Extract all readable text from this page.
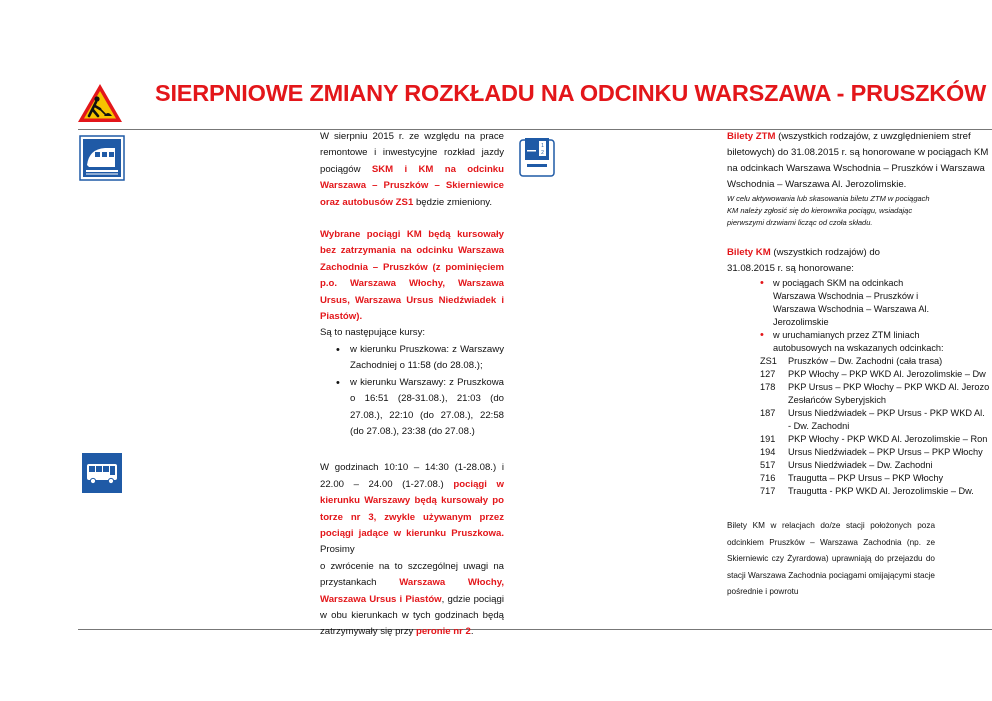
SIERPNIOWE ZMIANY ROZKŁADU NA ODCINKU WARSZAWA - PRUSZKÓW
1
2

W sierpniu 2015 r. ze względu na prace remontowe i inwestycyjne rozkład jazdy pociągów SKM i KM na odcinku Warszawa – Pruszków – Skierniewice oraz autobusów ZS1 będzie zmieniony.

Wybrane pociągi KM będą kursowały bez zatrzymania na odcinku Warszawa Zachodnia – Pruszków (z pominięciem p.o. Warszawa Włochy, Warszawa Ursus, Warszawa Ursus Niedźwiadek i Piastów).

Są to następujące kursy:

• w kierunku Pruszkowa: z Warszawy Zachodniej o 11:58 (do 28.08.);
• w kierunku Warszawy: z Pruszkowa o 16:51 (28-31.08.), 21:03 (do 27.08.), 22:10 (do 27.08.), 22:58 (do 27.08.), 23:38 (do 27.08.)

W godzinach 10:10 – 14:30 (1-28.08.) i 22.00 – 24.00 (1-27.08.) pociągi w kierunku Warszawy będą kursowały po torze nr 3, zwykle używanym przez pociągi jadące w kierunku Pruszkowa. Prosimy

o zwrócenie na to szczególnej uwagi na przystankach Warszawa Włochy, Warszawa Ursus i Piastów, gdzie pociągi w obu kierunkach w tych godzinach będą zatrzymywały się przy peronie nr 2.

Bilety ZTM (wszystkich rodzajów, z uwzględnieniem stref biletowych) do 31.08.2015 r. są honorowane w pociągach KM na odcinkach Warszawa Wschodnia – Pruszków i Warszawa Wschodnia – Warszawa Al. Jerozolimskie.

W celu aktywowania lub skasowania biletu ZTM w pociągach KM należy zgłosić się do kierownika pociągu, wsiadając pierwszymi drzwiami licząc od czoła składu.

Bilety KM (wszystkich rodzajów) do 31.08.2015 r. są honorowane:

• w pociągach SKM na odcinkach Warszawa Wschodnia – Pruszków i Warszawa Wschodnia – Warszawa Al. Jerozolimskie
• w uruchamianych przez ZTM liniach autobusowych na wskazanych odcinkach:
ZS1	Pruszków – Dw. Zachodni (cała trasa)
127	PKP Włochy – PKP WKD Al. Jerozolimskie – Dw
178	PKP Ursus – PKP Włochy – PKP WKD Al. Jerozo
Zesłańców Syberyjskich
187	Ursus Niedźwiadek – PKP Ursus - PKP WKD Al.
- Dw. Zachodni
191	PKP Włochy - PKP WKD Al. Jerozolimskie – Ron
194	Ursus Niedźwiadek – PKP Ursus – PKP Włochy
517	Ursus Niedźwiadek – Dw. Zachodni
716	Traugutta – PKP Ursus – PKP Włochy
717	Traugutta - PKP WKD Al. Jerozolimskie – Dw.

Bilety KM w relacjach do/ze stacji położonych poza odcinkiem Pruszków – Warszawa Zachodnia (np. ze Skierniewic czy Żyrardowa) uprawniają do przejazdu do stacji Warszawa Zachodnia pociągami omijającymi stacje pośrednie i powrotu
